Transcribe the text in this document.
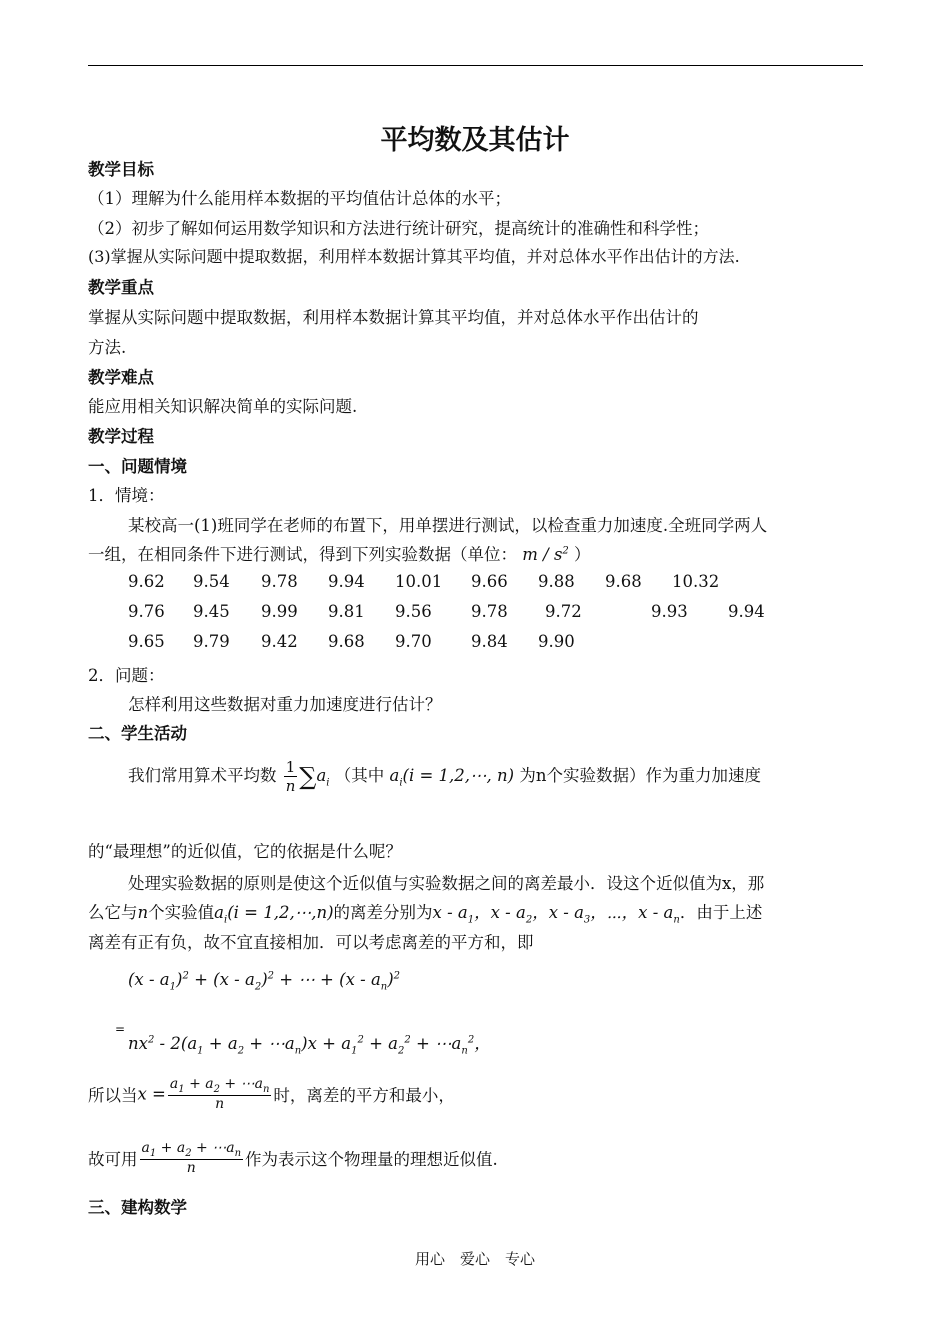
平均数及其估计
教学目标
（1）理解为什么能用样本数据的平均值估计总体的水平；
（2）初步了解如何运用数学知识和方法进行统计研究，提高统计的准确性和科学性；
(3)掌握从实际问题中提取数据，利用样本数据计算其平均值，并对总体水平作出估计的方法.
教学重点
掌握从实际问题中提取数据，利用样本数据计算其平均值，并对总体水平作出估计的
方法.
教学难点
能应用相关知识解决简单的实际问题.
教学过程
一、问题情境
1．情境：
某校高一(1)班同学在老师的布置下，用单摆进行测试，以检查重力加速度.全班同学两人
一组，在相同条件下进行测试，得到下列实验数据（单位： m / $s^2$ ）
9.62 9.54 9.78 9.94 10.01 9.66 9.88 9.68 10.32
9.76 9.45 9.99 9.81 9.56 9.78 9.72	9.93 9.94
9.65 9.79 9.42 9.68 9.70 9.84 9.90
2．问题：
怎样利用这些数据对重力加速度进行估计？
二、学生活动
我们常用算术平均数 $\frac{1}{n} \sum a_i$ （其中 $a_i(i$ = 1,2,⋯, n) 为n个实验数据）作为重力加速度
的“最理想”的近似值，它的依据是什么呢？
处理实验数据的原则是使这个近似值与实验数据之间的离差最小．设这个近似值为x，那
么它与n个实验值$a_i(i$ = 1,2,⋯,n)的离差分别为x - $a_1$，x - $a_2$，x - $a_3$，⋯，x - $a_n$．由于上述
离差有正有负，故不宜直接相加．可以考虑离差的平方和，即
$(x - a_1)^2 + (x - a_2)^2$ + ⋯ + $(x - a_n)^2$
=
$nx^2 - 2(a_1 + a_2$ + $\cdots a_n)x + a_1^2 + a_2^2$ + $\cdots a_n^2$，
所以当$x = \frac{a_1 + a_2 + \cdots a_n}{n}$ 时，离差的平方和最小，
故可用 $\frac{a_1 + a_2 + \cdots a_n}{n}$ 作为表示这个物理量的理想近似值.
三、建构数学
用心　爱心　专心
